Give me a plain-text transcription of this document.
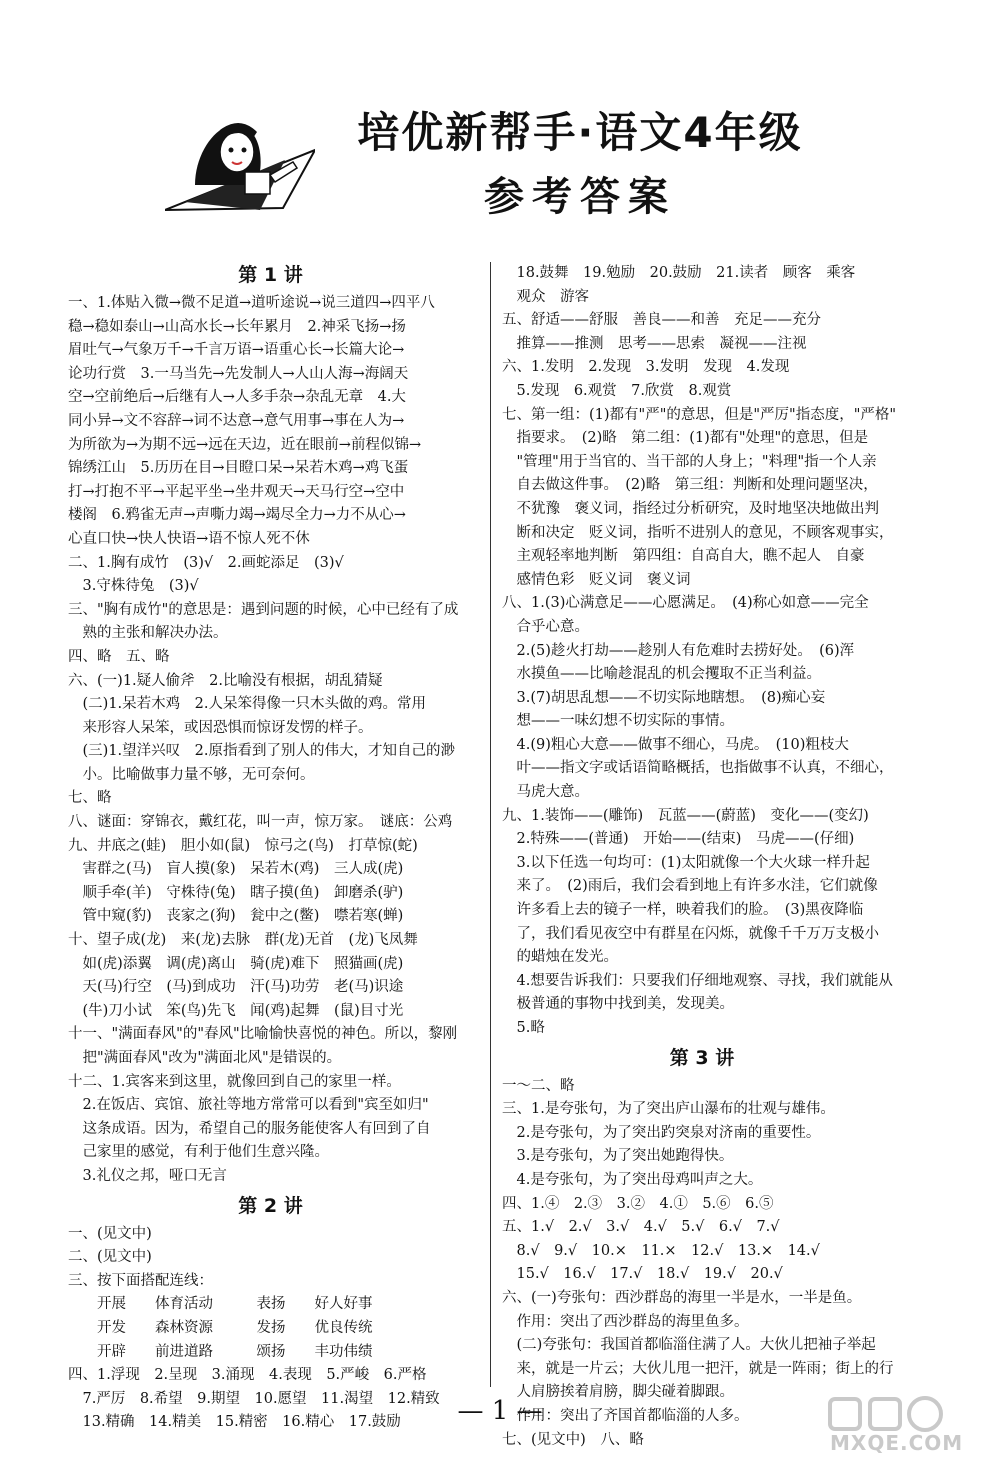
培优新帮手·语文4年级
参考答案
第 1 讲
一、1.体贴入微→微不足道→道听途说→说三道四→四平八
稳→稳如泰山→山高水长→长年累月　2.神采飞扬→扬
眉吐气→气象万千→千言万语→语重心长→长篇大论→
论功行赏　3.一马当先→先发制人→人山人海→海阔天
空→空前绝后→后继有人→人多手杂→杂乱无章　4.大
同小异→文不容辞→词不达意→意气用事→事在人为→
为所欲为→为期不远→远在天边，近在眼前→前程似锦→
锦绣江山　5.历历在目→目瞪口呆→呆若木鸡→鸡飞蛋
打→打抱不平→平起平坐→坐井观天→天马行空→空中
楼阁　6.鸦雀无声→声嘶力竭→竭尽全力→力不从心→
心直口快→快人快语→语不惊人死不休
二、1.胸有成竹　(3)√　2.画蛇添足　(3)√
　3.守株待兔　(3)√
三、"胸有成竹"的意思是：遇到问题的时候，心中已经有了成
　熟的主张和解决办法。
四、略　五、略
六、(一)1.疑人偷斧　2.比喻没有根据，胡乱猜疑
　(二)1.呆若木鸡　2.人呆笨得像一只木头做的鸡。常用
　来形容人呆笨，或因恐惧而惊讶发愣的样子。
　(三)1.望洋兴叹　2.原指看到了别人的伟大，才知自己的渺
　小。比喻做事力量不够，无可奈何。
七、略
八、谜面：穿锦衣，戴红花，叫一声，惊万家。　谜底：公鸡
九、井底之(蛙)　胆小如(鼠)　惊弓之(鸟)　打草惊(蛇)
　害群之(马)　盲人摸(象)　呆若木(鸡)　三人成(虎)
　顺手牵(羊)　守株待(兔)　瞎子摸(鱼)　卸磨杀(驴)
　管中窥(豹)　丧家之(狗)　瓮中之(鳖)　噤若寒(蝉)
十、望子成(龙)　来(龙)去脉　群(龙)无首　(龙)飞凤舞
　如(虎)添翼　调(虎)离山　骑(虎)难下　照猫画(虎)
　天(马)行空　(马)到成功　汗(马)功劳　老(马)识途
　(牛)刀小试　笨(鸟)先飞　闻(鸡)起舞　(鼠)目寸光
十一、"满面春风"的"春风"比喻愉快喜悦的神色。所以，黎刚
　把"满面春风"改为"满面北风"是错误的。
十二、1.宾客来到这里，就像回到自己的家里一样。
　2.在饭店、宾馆、旅社等地方常常可以看到"宾至如归"
　这条成语。因为，希望自己的服务能使客人有回到了自
　己家里的感觉，有利于他们生意兴隆。
　3.礼仪之邦，哑口无言
第 2 讲
一、(见文中)
二、(见文中)
三、按下面搭配连线：
　　开展　　体育活动　　　表扬　　好人好事
　　开发　　森林资源　　　发扬　　优良传统
　　开辟　　前进道路　　　颂扬　　丰功伟绩
四、1.浮现　2.呈现　3.涌现　4.表现　5.严峻　6.严格
　7.严厉　8.希望　9.期望　10.愿望　11.渴望　12.精致
　13.精确　14.精美　15.精密　16.精心　17.鼓励
　18.鼓舞　19.勉励　20.鼓励　21.读者　顾客　乘客
　观众　游客
五、舒适——舒服　善良——和善　充足——充分
　推算——推测　思考——思索　凝视——注视
六、1.发明　2.发现　3.发明　发现　4.发现
　5.发现　6.观赏　7.欣赏　8.观赏
七、第一组：(1)都有"严"的意思，但是"严厉"指态度，"严格"
　指要求。　(2)略　第二组：(1)都有"处理"的意思，但是
　"管理"用于当官的、当干部的人身上；"料理"指一个人亲
　自去做这件事。　(2)略　第三组：判断和处理问题坚决，
　不犹豫　褒义词，指经过分析研究，及时地坚决地做出判
　断和决定　贬义词，指听不进别人的意见，不顾客观事实，
　主观轻率地判断　第四组：自高自大，瞧不起人　自豪
　感情色彩　贬义词　褒义词
八、1.(3)心满意足——心愿满足。　(4)称心如意——完全
　合乎心意。
　2.(5)趁火打劫——趁别人有危难时去捞好处。　(6)浑
　水摸鱼——比喻趁混乱的机会攫取不正当利益。
　3.(7)胡思乱想——不切实际地瞎想。　(8)痴心妄
　想——一味幻想不切实际的事情。
　4.(9)粗心大意——做事不细心，马虎。　(10)粗枝大
　叶——指文字或话语简略概括，也指做事不认真，不细心，
　马虎大意。
九、1.装饰——(雕饰)　瓦蓝——(蔚蓝)　变化——(变幻)
　2.特殊——(普通)　开始——(结束)　马虎——(仔细)
　3.以下任选一句均可：(1)太阳就像一个大火球一样升起
　来了。　(2)雨后，我们会看到地上有许多水洼，它们就像
　许多看上去的镜子一样，映着我们的脸。　(3)黑夜降临
　了，我们看见夜空中有群星在闪烁，就像千千万万支极小
　的蜡烛在发光。
　4.想要告诉我们：只要我们仔细地观察、寻找，我们就能从
　极普通的事物中找到美，发现美。
　5.略
第 3 讲
一～二、略
三、1.是夸张句，为了突出庐山瀑布的壮观与雄伟。
　2.是夸张句，为了突出趵突泉对济南的重要性。
　3.是夸张句，为了突出她跑得快。
　4.是夸张句，为了突出母鸡叫声之大。
四、1.④　2.③　3.②　4.①　5.⑥　6.⑤
五、1.√　2.√　3.√　4.√　5.√　6.√　7.√
　8.√　9.√　10.×　11.×　12.√　13.×　14.√
　15.√　16.√　17.√　18.√　19.√　20.√
六、(一)夸张句：西沙群岛的海里一半是水，一半是鱼。
　作用：突出了西沙群岛的海里鱼多。
　(二)夸张句：我国首都临淄住满了人。大伙儿把袖子举起
　来，就是一片云；大伙儿甩一把汗，就是一阵雨；街上的行
　人肩膀挨着肩膀，脚尖碰着脚跟。
　作用：突出了齐国首都临淄的人多。
七、(见文中)　八、略
— 1 —
MXQE.COM
